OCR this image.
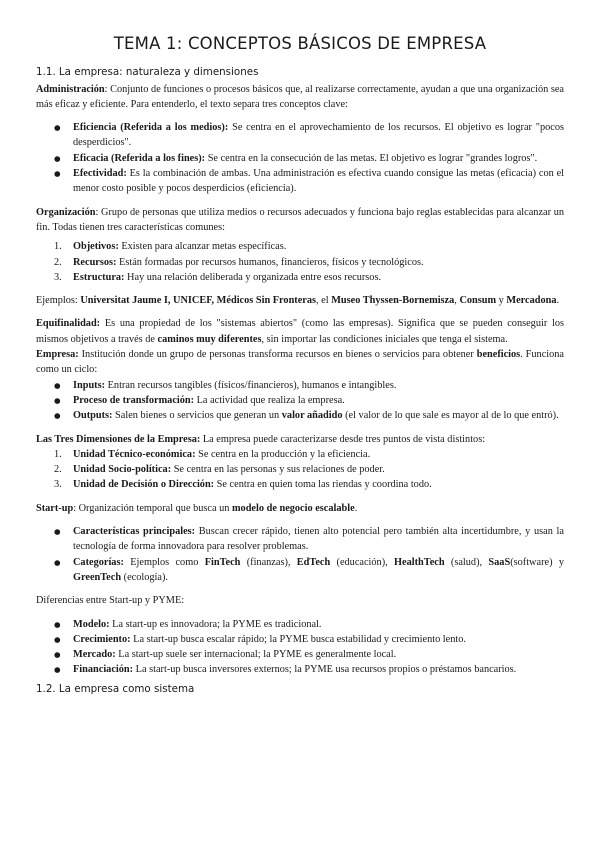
TEMA 1: CONCEPTOS BÁSICOS DE EMPRESA
1.1. La empresa: naturaleza y dimensiones

Administración: Conjunto de funciones o procesos básicos que, al realizarse correctamente, ayudan a que una organización sea más eficaz y eficiente. Para entenderlo, el texto separa tres conceptos clave:

● Eficiencia (Referida a los medios): Se centra en el aprovechamiento de los recursos. El objetivo es lograr "pocos desperdicios".
● Eficacia (Referida a los fines): Se centra en la consecución de las metas. El objetivo es lograr "grandes logros".
● Efectividad: Es la combinación de ambas. Una administración es efectiva cuando consigue las metas (eficacia) con el menor costo posible y pocos desperdicios (eficiencia).

Organización: Grupo de personas que utiliza medios o recursos adecuados y funciona bajo reglas establecidas para alcanzar un fin. Todas tienen tres características comunes:

1. Objetivos: Existen para alcanzar metas específicas.
2. Recursos: Están formadas por recursos humanos, financieros, físicos y tecnológicos.
3. Estructura: Hay una relación deliberada y organizada entre esos recursos.

Ejemplos: Universitat Jaume I, UNICEF, Médicos Sin Fronteras, el Museo Thyssen-Bornemisza, Consum y Mercadona.

Equifinalidad: Es una propiedad de los "sistemas abiertos" (como las empresas). Significa que se pueden conseguir los mismos objetivos a través de caminos muy diferentes, sin importar las condiciones iniciales que tenga el sistema.

Empresa: Institución donde un grupo de personas transforma recursos en bienes o servicios para obtener beneficios. Funciona como un ciclo:

● Inputs: Entran recursos tangibles (físicos/financieros), humanos e intangibles.
● Proceso de transformación: La actividad que realiza la empresa.
● Outputs: Salen bienes o servicios que generan un valor añadido (el valor de lo que sale es mayor al de lo que entró).

Las Tres Dimensiones de la Empresa: La empresa puede caracterizarse desde tres puntos de vista distintos:

1. Unidad Técnico-económica: Se centra en la producción y la eficiencia.
2. Unidad Socio-política: Se centra en las personas y sus relaciones de poder.
3. Unidad de Decisión o Dirección: Se centra en quien toma las riendas y coordina todo.

Start-up: Organización temporal que busca un modelo de negocio escalable.

● Características principales: Buscan crecer rápido, tienen alto potencial pero también alta incertidumbre, y usan la tecnología de forma innovadora para resolver problemas.
● Categorías: Ejemplos como FinTech (finanzas), EdTech (educación), HealthTech (salud), SaaS(software) y GreenTech (ecología).

Diferencias entre Start-up y PYME:

● Modelo: La start-up es innovadora; la PYME es tradicional.
● Crecimiento: La start-up busca escalar rápido; la PYME busca estabilidad y crecimiento lento.
● Mercado: La start-up suele ser internacional; la PYME es generalmente local.
● Financiación: La start-up busca inversores externos; la PYME usa recursos propios o préstamos bancarios.
1.2. La empresa como sistema
